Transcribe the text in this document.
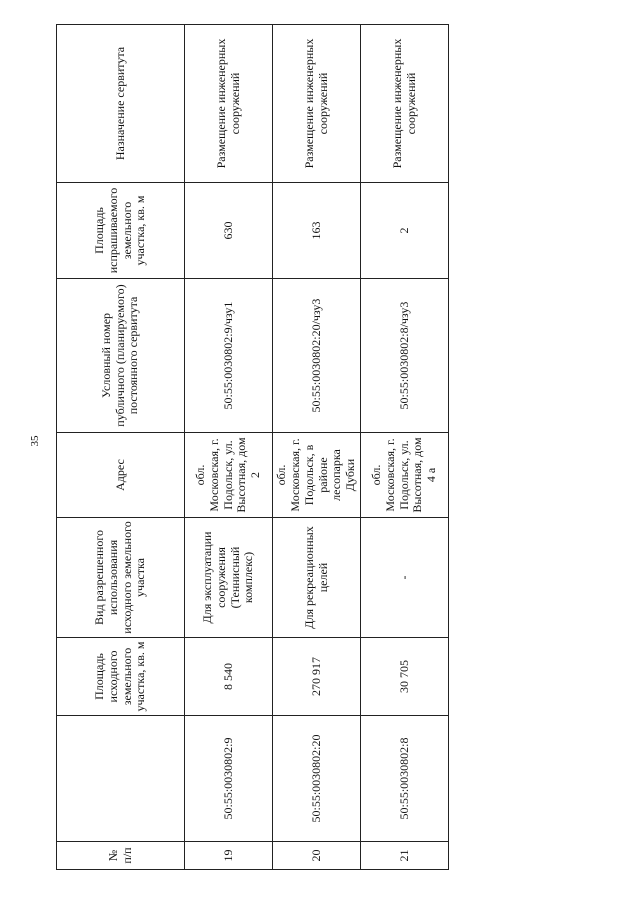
35
№ п/п		Площадь исходного земельного участка, кв. м	Вид разрешенного использования исходного земельного участка	Адрес	Условный номер публичного (планируемого) постоянного сервитута	Площадь испрашиваемого земельного участка, кв. м	Назначение сервитута
19	50:55:0030802:9	8 540	Для эксплуатации сооружения (Теннисный комплекс)	обл. Московская, г. Подольск, ул. Высотная, дом 2	50:55:0030802:9/чзу1	630	Размещение инженерных сооружений
20	50:55:0030802:20	270 917	Для рекреационных целей	обл. Московская, г. Подольск, в районе лесопарка Дубки	50:55:0030802:20/чзу3	163	Размещение инженерных сооружений
21	50:55:0030802:8	30 705	-	обл. Московская, г. Подольск, ул. Высотная, дом 4 а	50:55:0030802:8/чзу3	2	Размещение инженерных сооружений
